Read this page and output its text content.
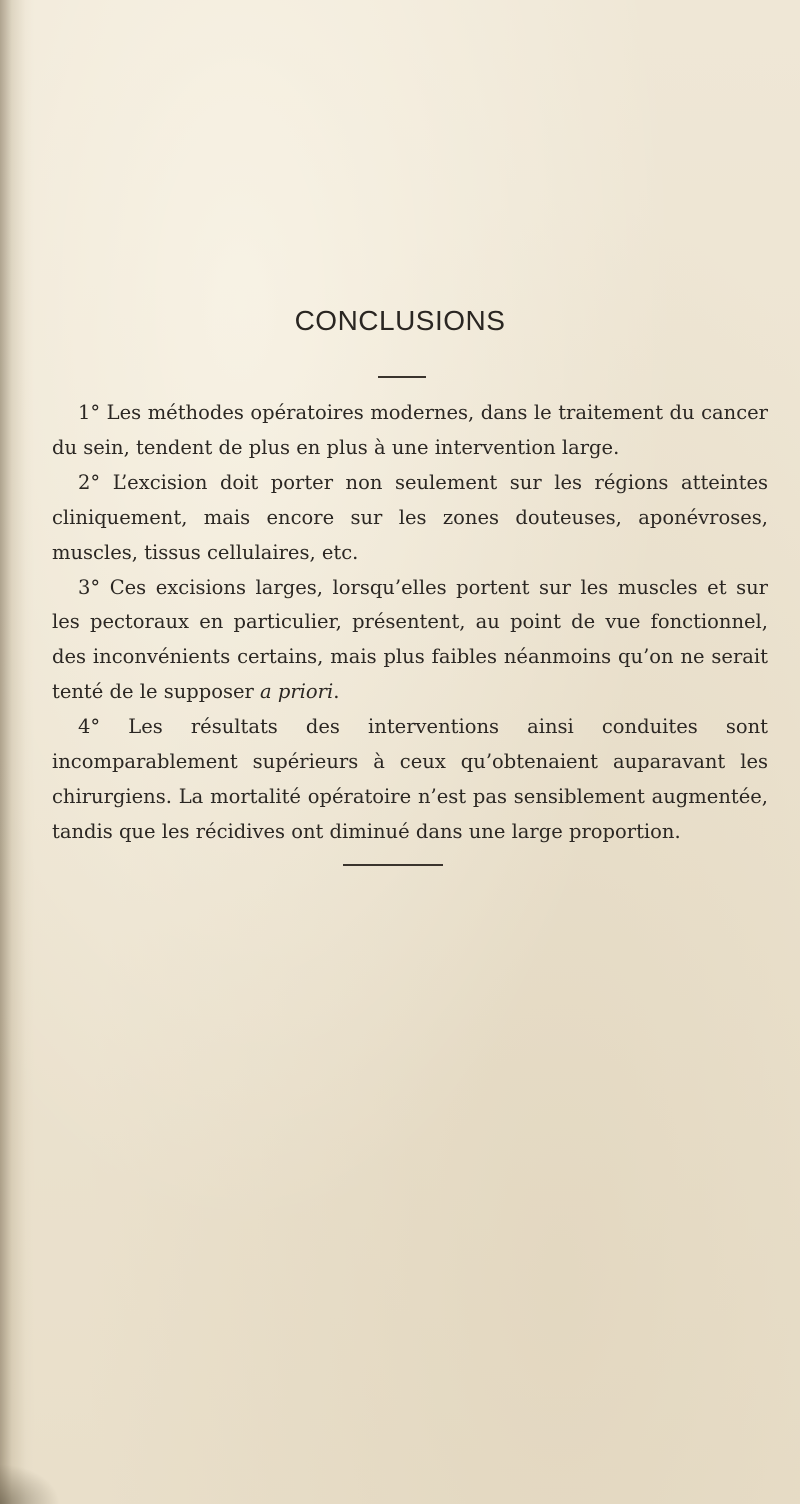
CONCLUSIONS

1° Les méthodes opératoires modernes, dans le traitement du cancer du sein, tendent de plus en plus à une intervention large.

2° L’excision doit porter non seulement sur les régions atteintes cliniquement, mais encore sur les zones douteuses, aponévroses, muscles, tissus cellulaires, etc.

3° Ces excisions larges, lorsqu’elles portent sur les muscles et sur les pectoraux en particulier, présentent, au point de vue fonctionnel, des inconvénients certains, mais plus faibles néanmoins qu’on ne serait tenté de le supposer a priori.

4° Les résultats des interventions ainsi conduites sont incomparablement supérieurs à ceux qu’obtenaient auparavant les chirurgiens. La mortalité opératoire n’est pas sensiblement augmentée, tandis que les récidives ont diminué dans une large proportion.
